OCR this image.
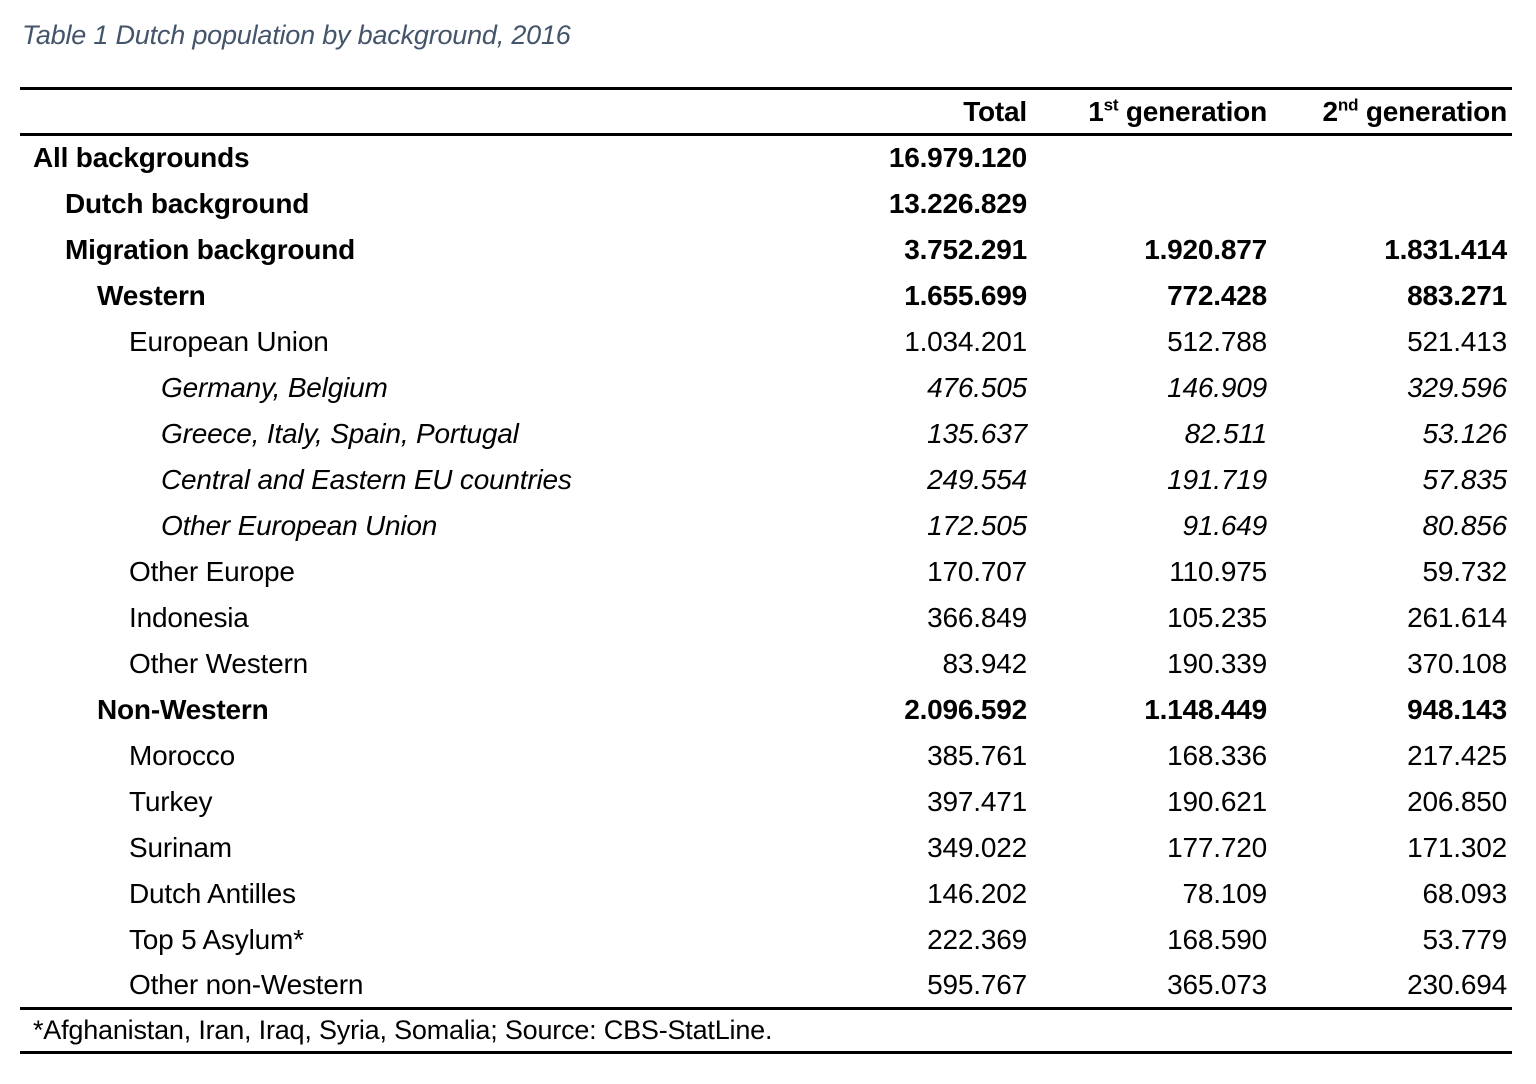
Table 1 Dutch population by background, 2016
	Total	1st generation	2nd generation
All backgrounds	16.979.120		
Dutch background	13.226.829		
Migration background	3.752.291	1.920.877	1.831.414
Western	1.655.699	772.428	883.271
European Union	1.034.201	512.788	521.413
Germany, Belgium	476.505	146.909	329.596
Greece, Italy, Spain, Portugal	135.637	82.511	53.126
Central and Eastern EU countries	249.554	191.719	57.835
Other European Union	172.505	91.649	80.856
Other Europe	170.707	110.975	59.732
Indonesia	366.849	105.235	261.614
Other Western	83.942	190.339	370.108
Non-Western	2.096.592	1.148.449	948.143
Morocco	385.761	168.336	217.425
Turkey	397.471	190.621	206.850
Surinam	349.022	177.720	171.302
Dutch Antilles	146.202	78.109	68.093
Top 5 Asylum*	222.369	168.590	53.779
Other non-Western	595.767	365.073	230.694
*Afghanistan, Iran, Iraq, Syria, Somalia; Source: CBS-StatLine.			
